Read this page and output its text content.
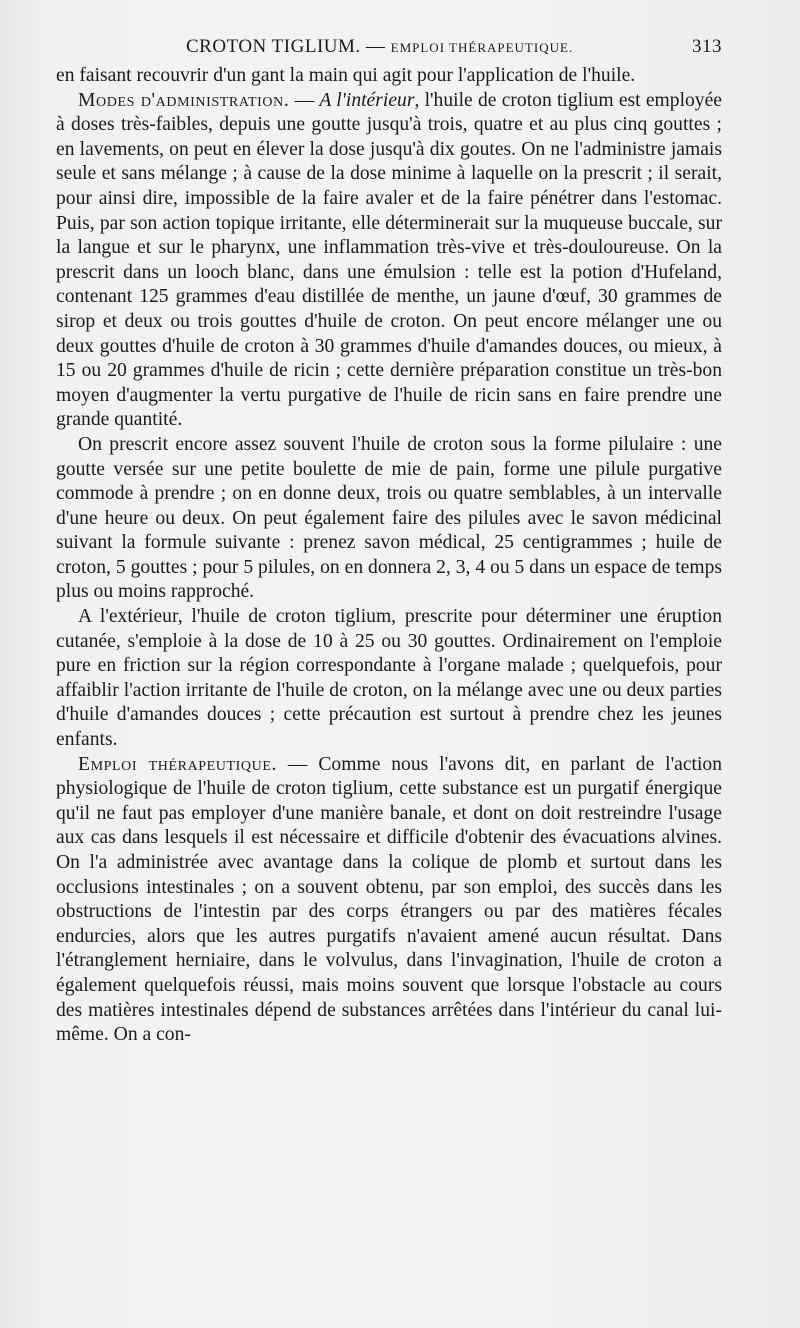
CROTON TIGLIUM. — EMPLOI THÉRAPEUTIQUE.	313

en faisant recouvrir d'un gant la main qui agit pour l'application de l'huile.

Modes d'administration. — A l'intérieur, l'huile de croton tiglium est employée à doses très-faibles, depuis une goutte jusqu'à trois, quatre et au plus cinq gouttes ; en lavements, on peut en élever la dose jusqu'à dix goutes. On ne l'administre jamais seule et sans mélange ; à cause de la dose minime à laquelle on la prescrit ; il serait, pour ainsi dire, impossible de la faire avaler et de la faire pénétrer dans l'estomac. Puis, par son action topique irritante, elle déterminerait sur la muqueuse buccale, sur la langue et sur le pharynx, une inflammation très-vive et très-douloureuse. On la prescrit dans un looch blanc, dans une émulsion : telle est la potion d'Hufeland, contenant 125 grammes d'eau distillée de menthe, un jaune d'œuf, 30 grammes de sirop et deux ou trois gouttes d'huile de croton. On peut encore mélanger une ou deux gouttes d'huile de croton à 30 grammes d'huile d'amandes douces, ou mieux, à 15 ou 20 grammes d'huile de ricin ; cette dernière préparation constitue un très-bon moyen d'augmenter la vertu purgative de l'huile de ricin sans en faire prendre une grande quantité.

On prescrit encore assez souvent l'huile de croton sous la forme pilulaire : une goutte versée sur une petite boulette de mie de pain, forme une pilule purgative commode à prendre ; on en donne deux, trois ou quatre semblables, à un intervalle d'une heure ou deux. On peut également faire des pilules avec le savon médicinal suivant la formule suivante : prenez savon médical, 25 centigrammes ; huile de croton, 5 gouttes ; pour 5 pilules, on en donnera 2, 3, 4 ou 5 dans un espace de temps plus ou moins rapproché.

A l'extérieur, l'huile de croton tiglium, prescrite pour déterminer une éruption cutanée, s'emploie à la dose de 10 à 25 ou 30 gouttes. Ordinairement on l'emploie pure en friction sur la région correspondante à l'organe malade ; quelquefois, pour affaiblir l'action irritante de l'huile de croton, on la mélange avec une ou deux parties d'huile d'amandes douces ; cette précaution est surtout à prendre chez les jeunes enfants.

Emploi thérapeutique. — Comme nous l'avons dit, en parlant de l'action physiologique de l'huile de croton tiglium, cette substance est un purgatif énergique qu'il ne faut pas employer d'une manière banale, et dont on doit restreindre l'usage aux cas dans lesquels il est nécessaire et difficile d'obtenir des évacuations alvines. On l'a administrée avec avantage dans la colique de plomb et surtout dans les occlusions intestinales ; on a souvent obtenu, par son emploi, des succès dans les obstructions de l'intestin par des corps étrangers ou par des matières fécales endurcies, alors que les autres purgatifs n'avaient amené aucun résultat. Dans l'étranglement herniaire, dans le volvulus, dans l'invagination, l'huile de croton a également quelquefois réussi, mais moins souvent que lorsque l'obstacle au cours des matières intestinales dépend de substances arrêtées dans l'intérieur du canal lui-même. On a con-
